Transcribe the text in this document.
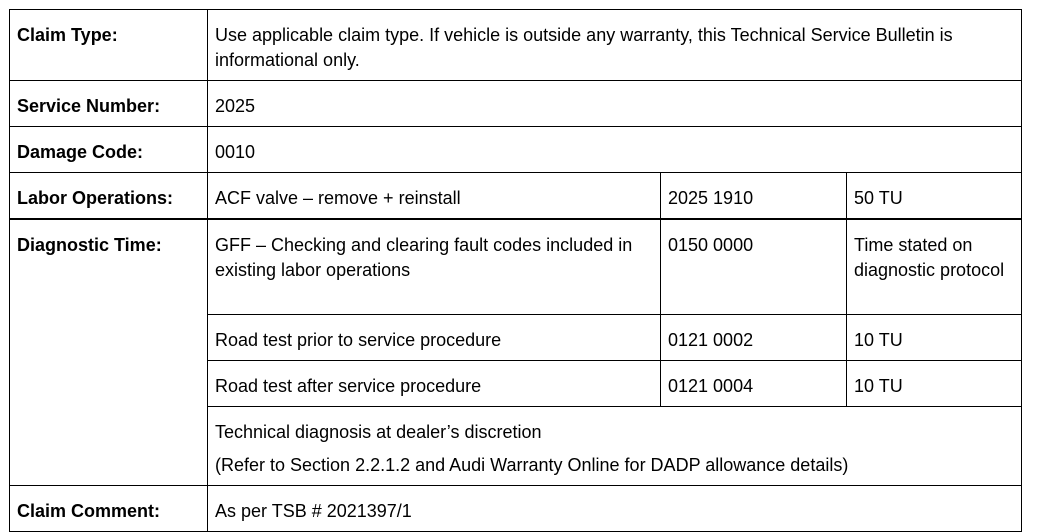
Claim Type:	Use applicable claim type. If vehicle is outside any warranty, this Technical Service Bulletin is informational only.		
Service Number:	2025		
Damage Code:	0010		
Labor Operations:	ACF valve – remove + reinstall	2025 1910	50 TU
Diagnostic Time:	GFF – Checking and clearing fault codes included in existing labor operations	0150 0000	Time stated on diagnostic protocol
	Road test prior to service procedure	0121 0002	10 TU
	Road test after service procedure	0121 0004	10 TU

	Technical diagnosis at dealer’s discretion

(Refer to Section 2.2.1.2 and Audi Warranty Online for DADP allowance details)		

Claim Comment:	As per TSB # 2021397/1		
